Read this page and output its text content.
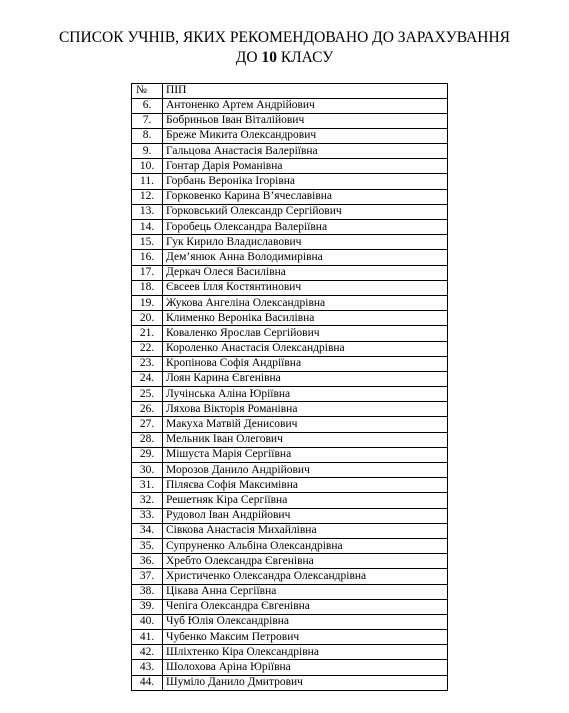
СПИСОК УЧНІВ, ЯКИХ РЕКОМЕНДОВАНО ДО ЗАРАХУВАННЯ
ДО 10 КЛАСУ
№	ПІП
6.	Антоненко Артем Андрійович
7.	Бобриньов Іван Віталійович
8.	Бреже Микита Олександрович
9.	Гальцова Анастасія Валеріївна
10.	Гонтар Дарія Романівна
11.	Горбань Вероніка Ігорівна
12.	Горковенко Карина В’ячеславівна
13.	Горковський Олександр Сергійович
14.	Горобець Олександра Валеріївна
15.	Гук Кирило Владиславович
16.	Дем’янюк Анна Володимирівна
17.	Деркач Олеся Василівна
18.	Євсеев Ілля Костянтинович
19.	Жукова Ангеліна Олександрівна
20.	Клименко Вероніка Василівна
21.	Коваленко Ярослав Сергійович
22.	Короленко Анастасія Олександрівна
23.	Кропінова Софія Андріївна
24.	Лоян Карина Євгенівна
25.	Лучінська Аліна Юріївна
26.	Ляхова Вікторія Романівна
27.	Макуха Матвій Денисович
28.	Мельник Іван Олегович
29.	Мішуста Марія Сергіївна
30.	Морозов Данило Андрійович
31.	Пiляєва Софія Максимівна
32.	Решетняк Кіра Сергіївна
33.	Рудовол Іван Андрійович
34.	Сівкова Анастасія Михайлівна
35.	Супруненко Альбіна Олександрівна
36.	Хребто Олександра Євгенівна
37.	Христиченко Олександра Олександрівна
38.	Цікава Анна Сергіївна
39.	Чепіга Олександра Євгенівна
40.	Чуб Юлія Олександрівна
41.	Чубенко Максим Петрович
42.	Шліхтенко Кіра Олександрівна
43.	Шолохова Аріна Юріївна
44.	Шуміло Данило Дмитрович
